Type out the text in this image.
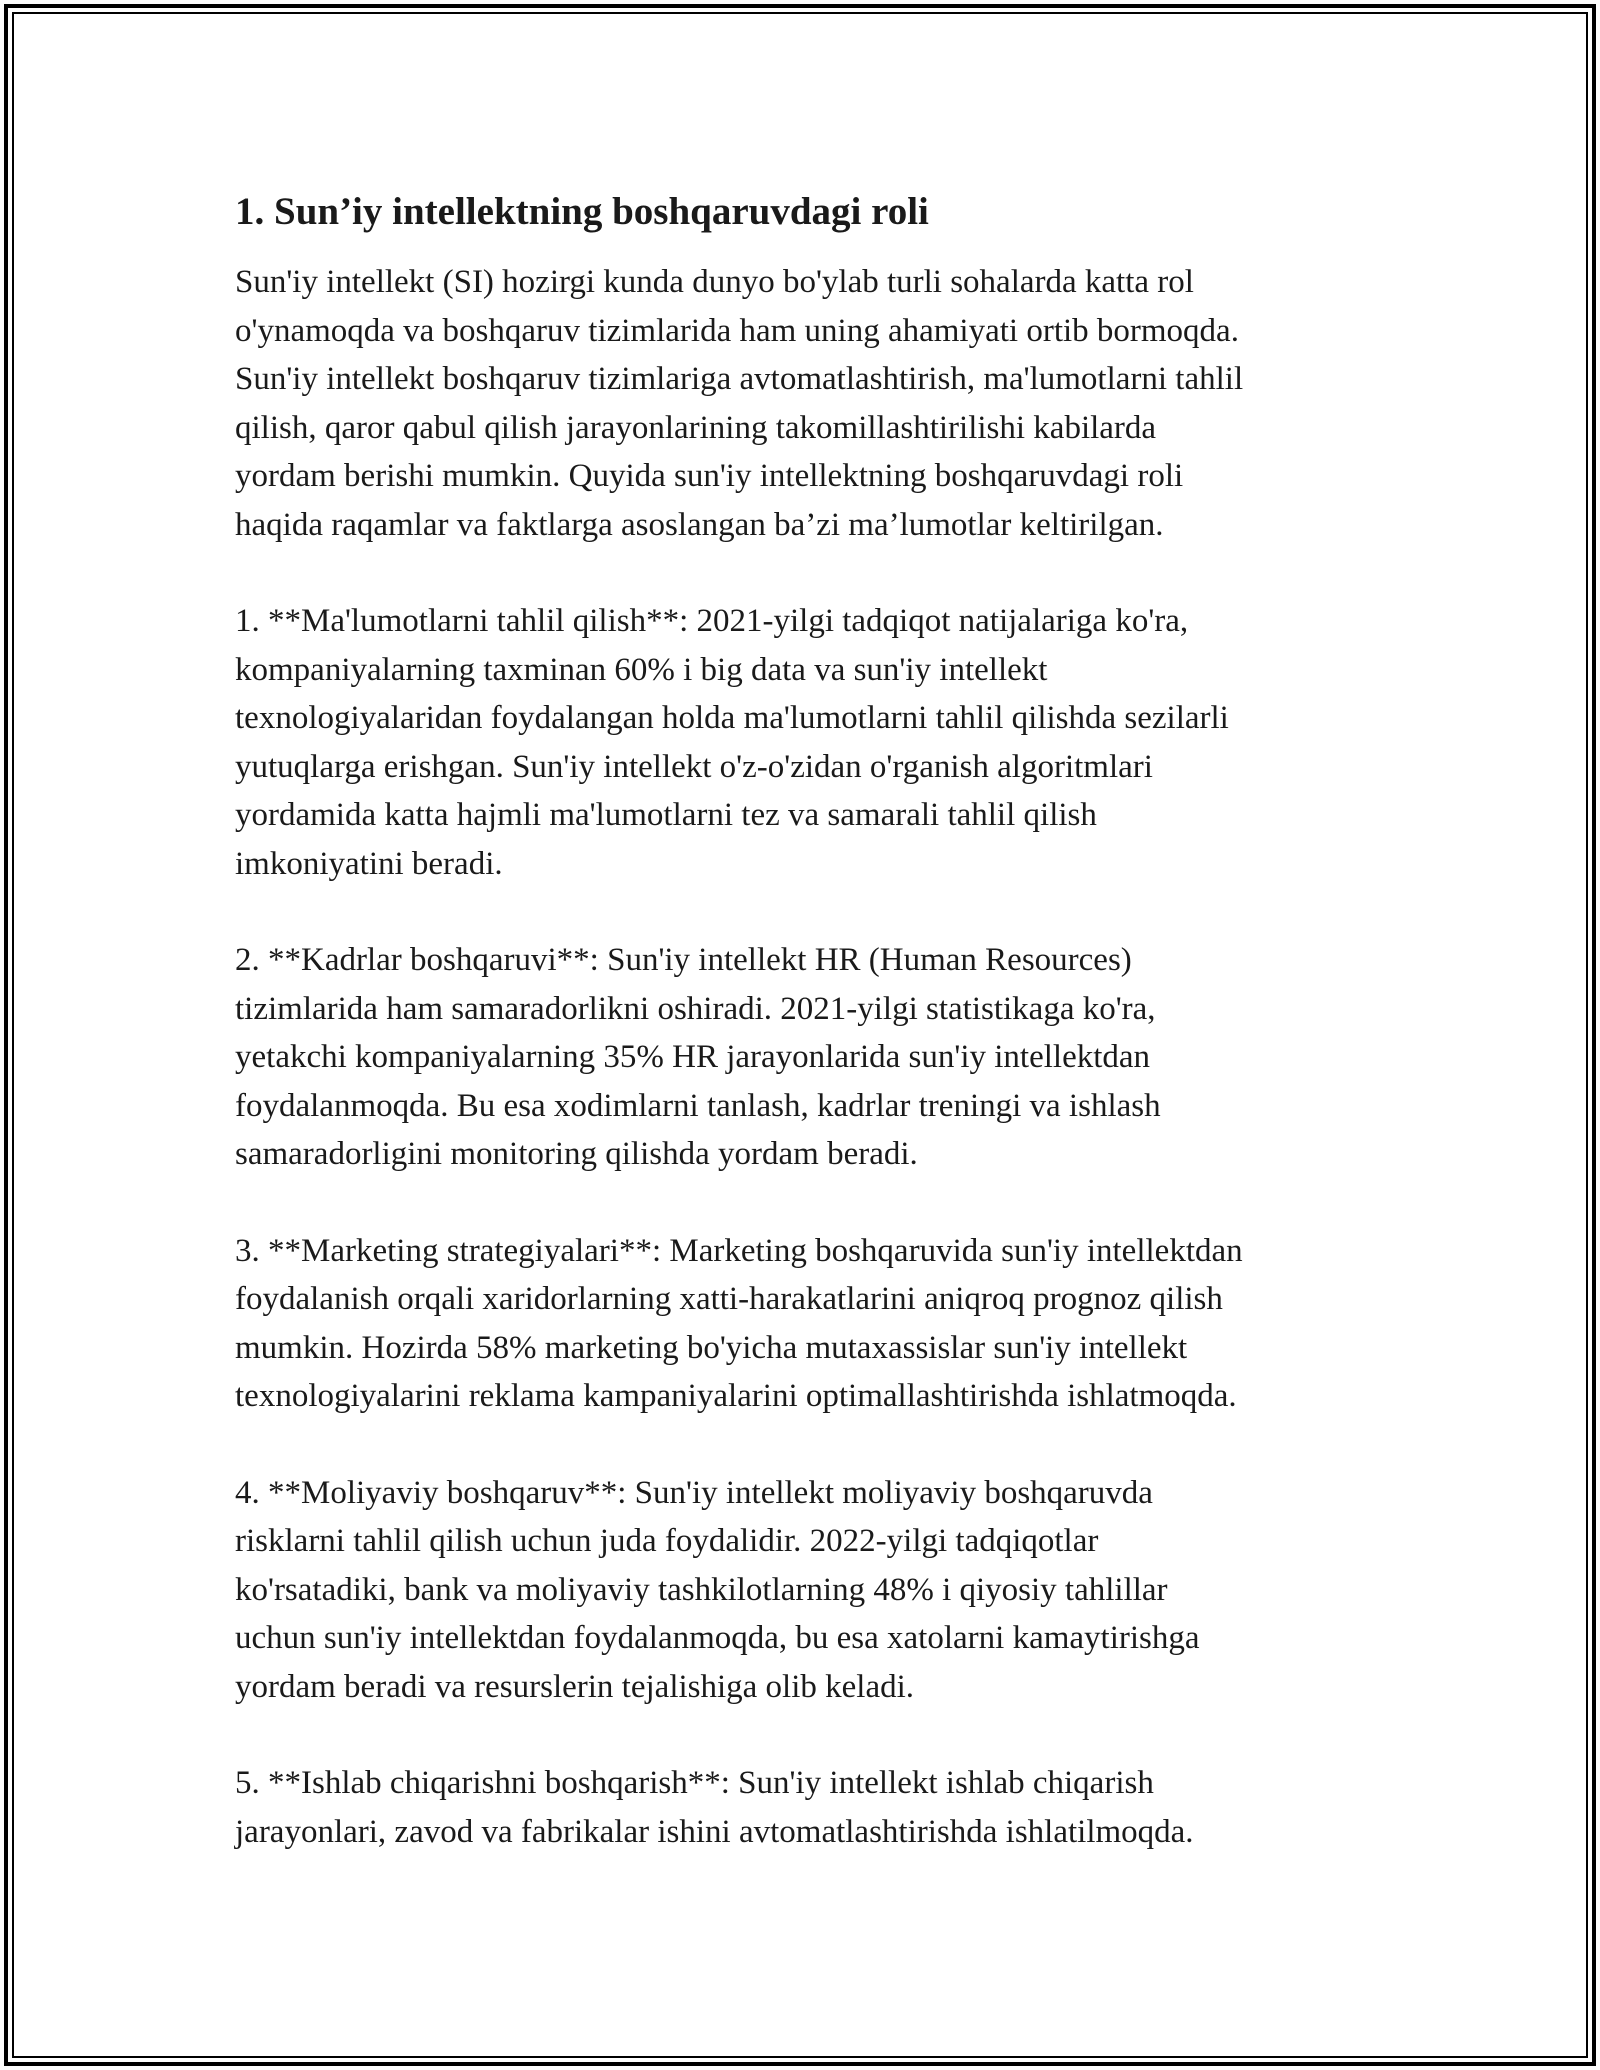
1. Sun’iy intellektning boshqaruvdagi roli

Sun'iy intellekt (SI) hozirgi kunda dunyo bo'ylab turli sohalarda katta rol

o'ynamoqda va boshqaruv tizimlarida ham uning ahamiyati ortib bormoqda.

Sun'iy intellekt boshqaruv tizimlariga avtomatlashtirish, ma'lumotlarni tahlil

qilish, qaror qabul qilish jarayonlarining takomillashtirilishi kabilarda

yordam berishi mumkin. Quyida sun'iy intellektning boshqaruvdagi roli

haqida raqamlar va faktlarga asoslangan ba’zi ma’lumotlar keltirilgan.

1. **Ma'lumotlarni tahlil qilish**: 2021-yilgi tadqiqot natijalariga ko'ra,

kompaniyalarning taxminan 60% i big data va sun'iy intellekt

texnologiyalaridan foydalangan holda ma'lumotlarni tahlil qilishda sezilarli

yutuqlarga erishgan. Sun'iy intellekt o'z-o'zidan o'rganish algoritmlari

yordamida katta hajmli ma'lumotlarni tez va samarali tahlil qilish

imkoniyatini beradi.

2. **Kadrlar boshqaruvi**: Sun'iy intellekt HR (Human Resources)

tizimlarida ham samaradorlikni oshiradi. 2021-yilgi statistikaga ko'ra,

yetakchi kompaniyalarning 35% HR jarayonlarida sun'iy intellektdan

foydalanmoqda. Bu esa xodimlarni tanlash, kadrlar treningi va ishlash

samaradorligini monitoring qilishda yordam beradi.

3. **Marketing strategiyalari**: Marketing boshqaruvida sun'iy intellektdan

foydalanish orqali xaridorlarning xatti-harakatlarini aniqroq prognoz qilish

mumkin. Hozirda 58% marketing bo'yicha mutaxassislar sun'iy intellekt

texnologiyalarini reklama kampaniyalarini optimallashtirishda ishlatmoqda.

4. **Moliyaviy boshqaruv**: Sun'iy intellekt moliyaviy boshqaruvda

risklarni tahlil qilish uchun juda foydalidir. 2022-yilgi tadqiqotlar

ko'rsatadiki, bank va moliyaviy tashkilotlarning 48% i qiyosiy tahlillar

uchun sun'iy intellektdan foydalanmoqda, bu esa xatolarni kamaytirishga

yordam beradi va resurslerin tejalishiga olib keladi.

5. **Ishlab chiqarishni boshqarish**: Sun'iy intellekt ishlab chiqarish

jarayonlari, zavod va fabrikalar ishini avtomatlashtirishda ishlatilmoqda.
